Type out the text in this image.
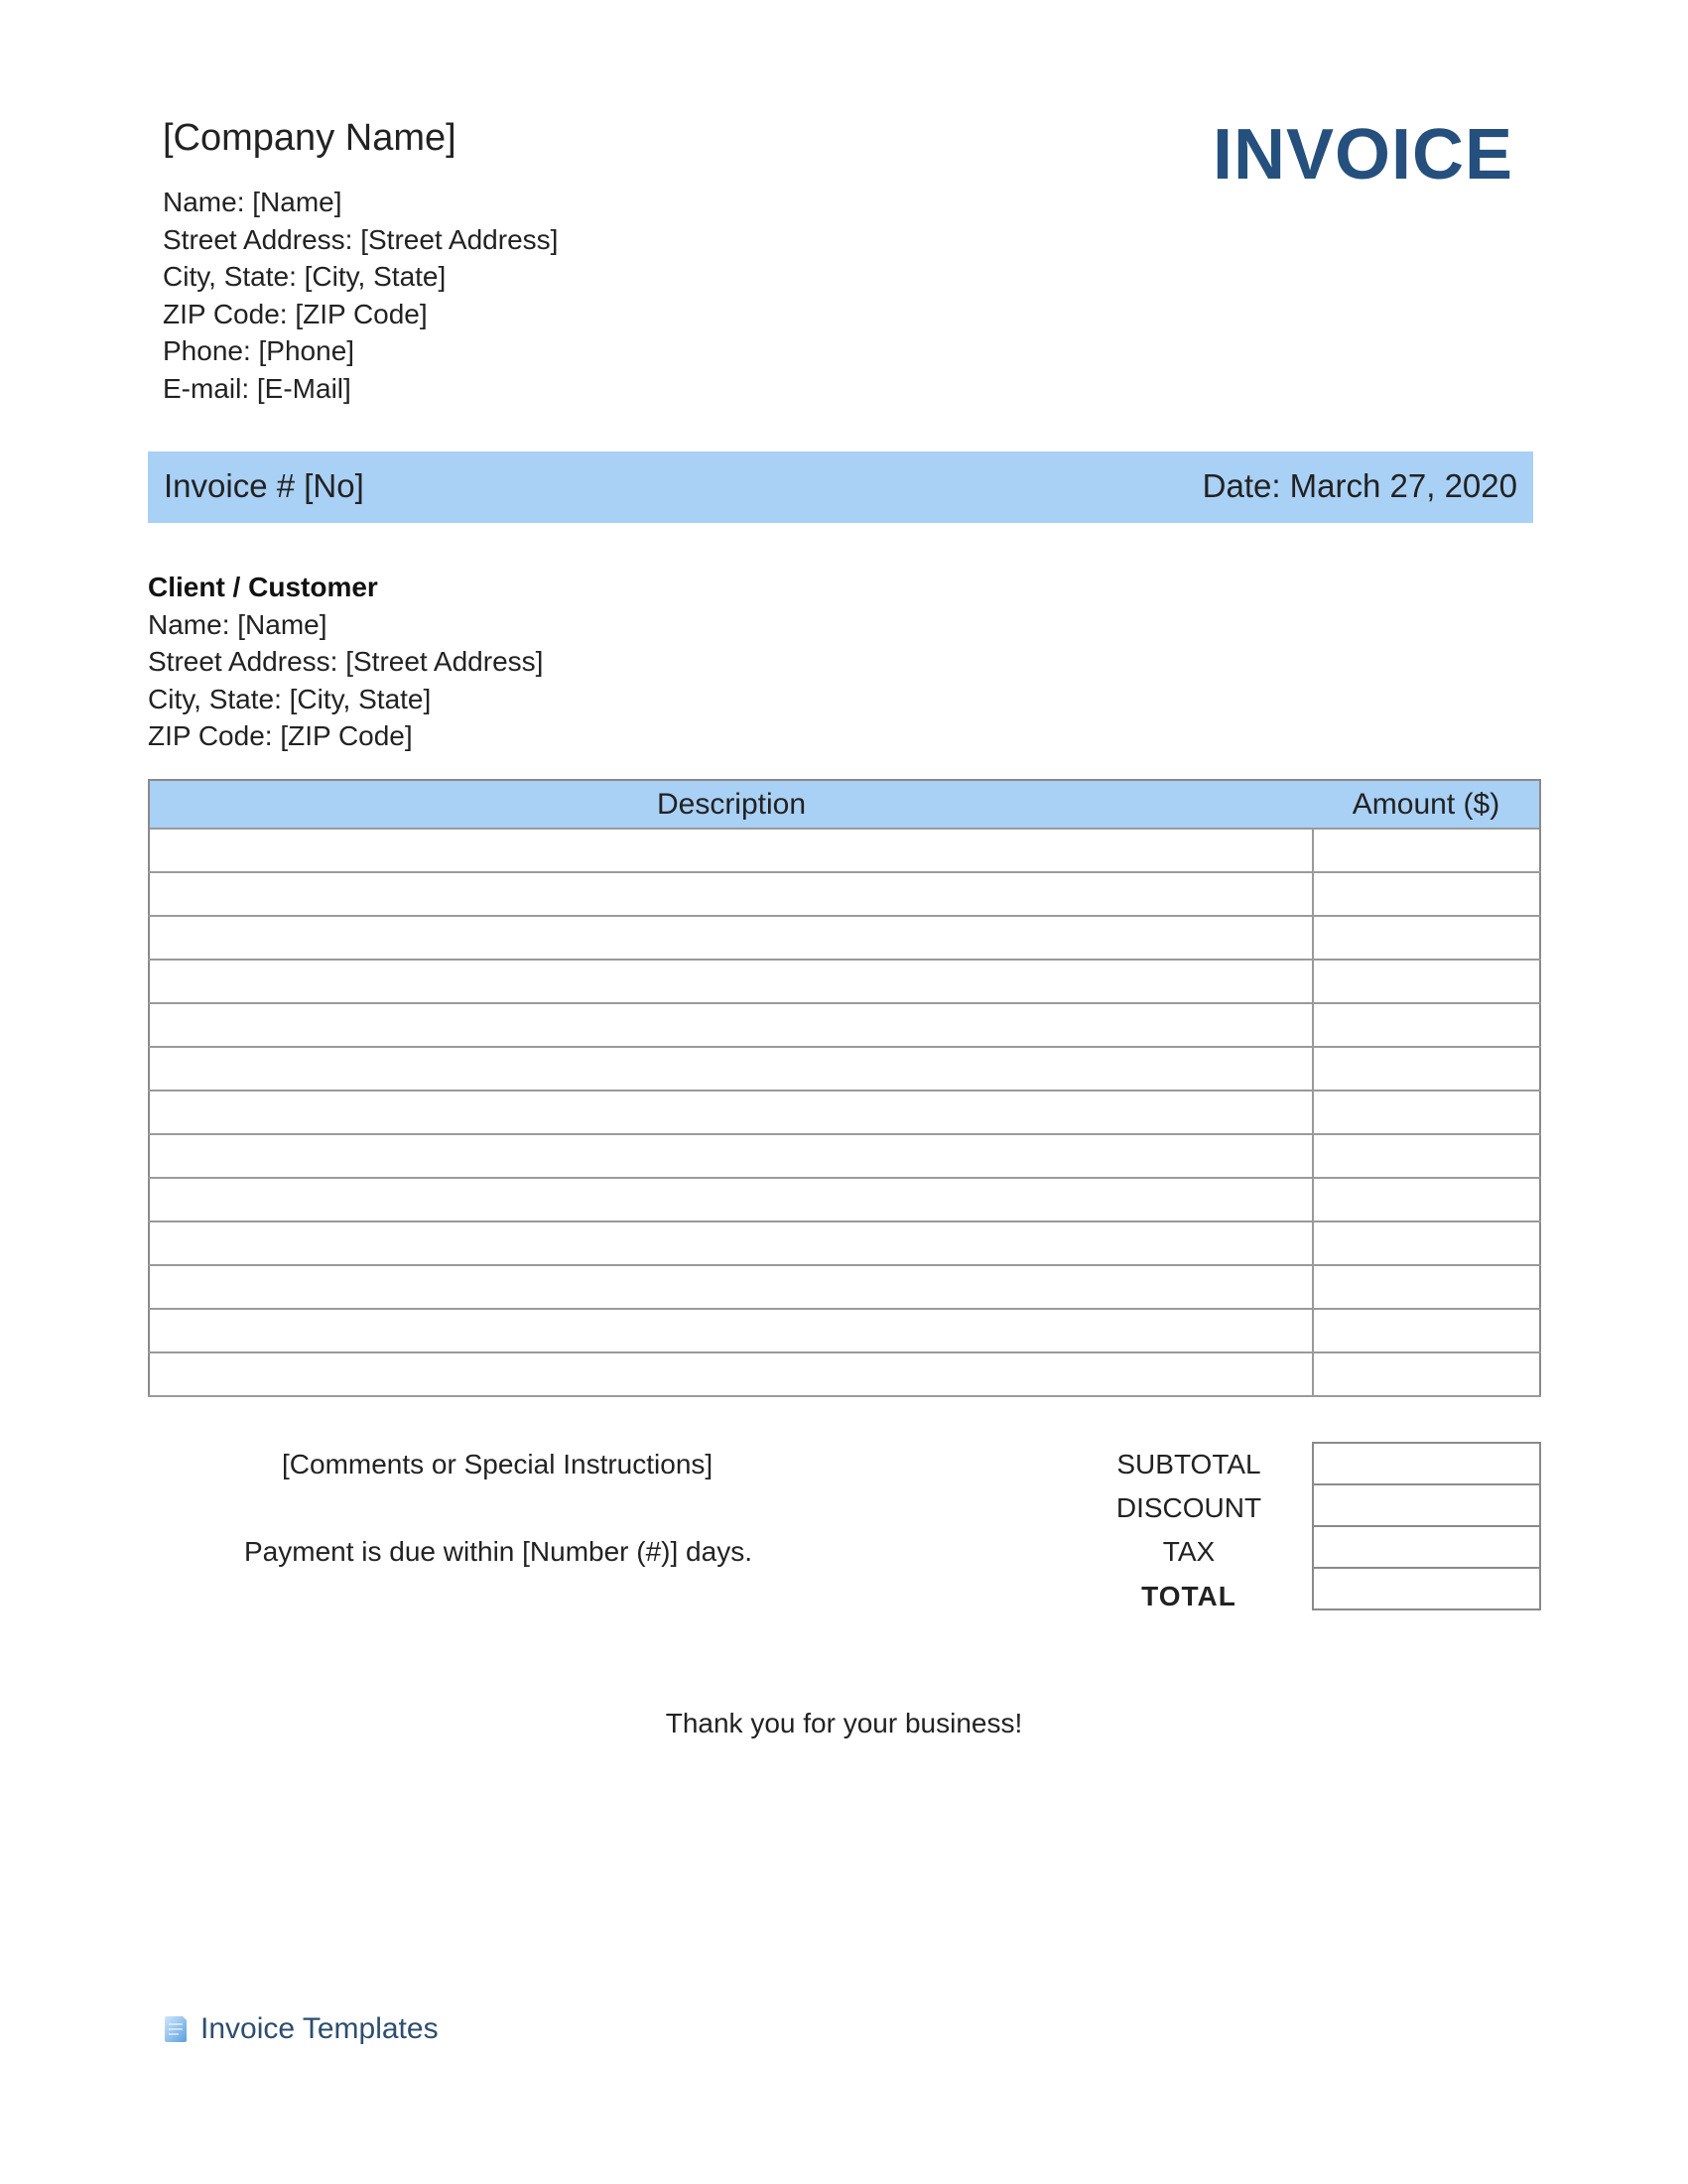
[Company Name]	INVOICE
Name: [Name]
Street Address: [Street Address]
City, State: [City, State]
ZIP Code: [ZIP Code]
Phone: [Phone]
E-mail: [E-Mail]
Invoice # [No]	Date: March 27, 2020
Client / Customer
Name: [Name]
Street Address: [Street Address]
City, State: [City, State]
ZIP Code: [ZIP Code]
Description	Amount ($)

[Comments or Special Instructions]
Payment is due within [Number (#)] days.
SUBTOTAL
DISCOUNT
TAX
TOTAL

Thank you for your business!
Invoice Templates
